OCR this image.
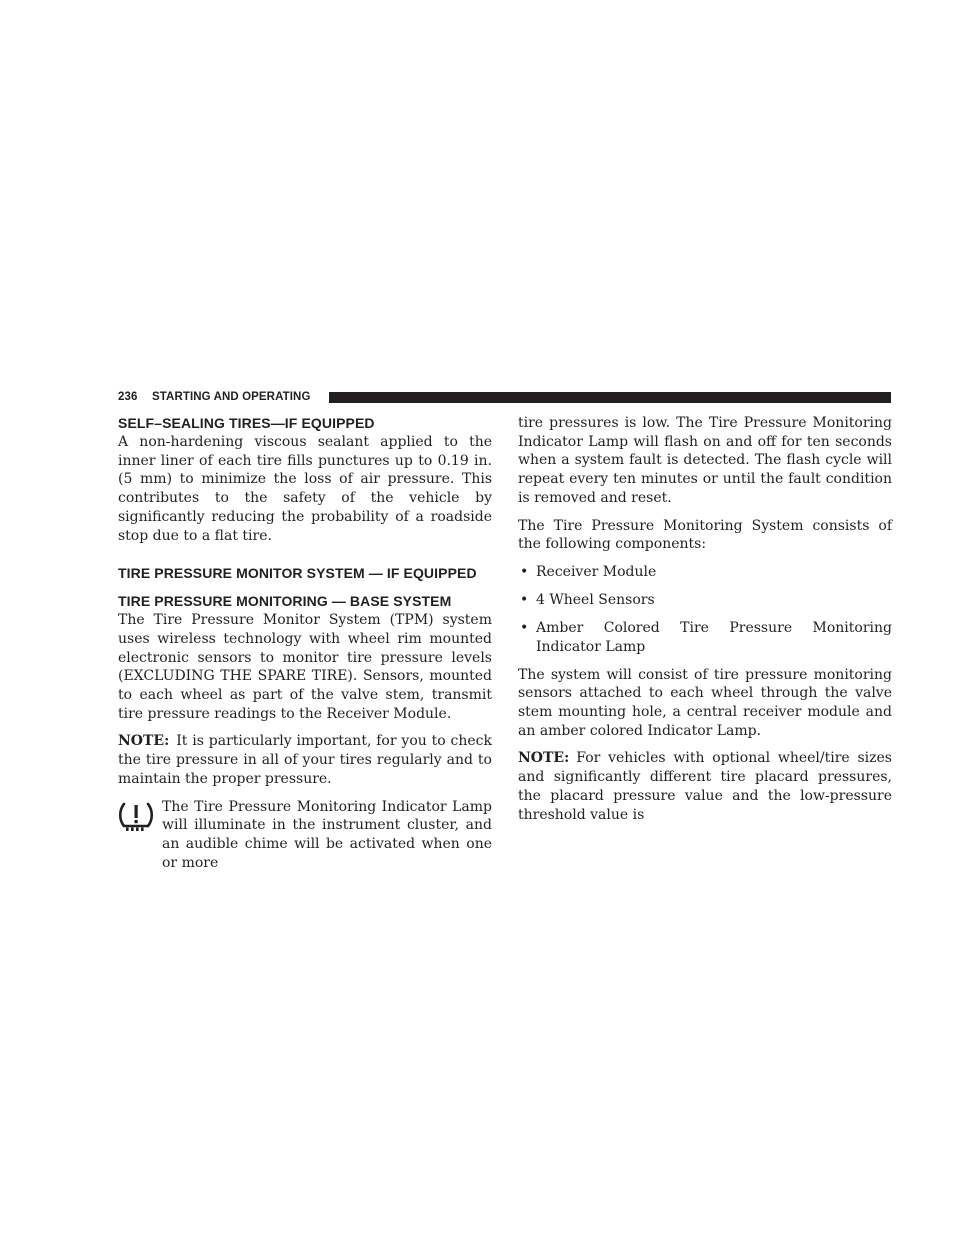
236 STARTING AND OPERATING
SELF–SEALING TIRES—IF EQUIPPED

A non-hardening viscous sealant applied to the inner liner of each tire fills punctures up to 0.19 in. (5 mm) to minimize the loss of air pressure. This contributes to the safety of the vehicle by significantly reducing the probability of a roadside stop due to a flat tire.

TIRE PRESSURE MONITOR SYSTEM — IF EQUIPPED
TIRE PRESSURE MONITORING — BASE SYSTEM

The Tire Pressure Monitor System (TPM) system uses wireless technology with wheel rim mounted electronic sensors to monitor tire pressure levels (EXCLUDING THE SPARE TIRE). Sensors, mounted to each wheel as part of the valve stem, transmit tire pressure readings to the Receiver Module.

NOTE: It is particularly important, for you to check the tire pressure in all of your tires regularly and to maintain the proper pressure.

The Tire Pressure Monitoring Indicator Lamp will illuminate in the instrument cluster, and an audible chime will be activated when one or more

tire pressures is low. The Tire Pressure Monitoring Indicator Lamp will flash on and off for ten seconds when a system fault is detected. The flash cycle will repeat every ten minutes or until the fault condition is removed and reset.

The Tire Pressure Monitoring System consists of the following components:

• Receiver Module
• 4 Wheel Sensors
• Amber Colored Tire Pressure Monitoring Indicator Lamp

The system will consist of tire pressure monitoring sensors attached to each wheel through the valve stem mounting hole, a central receiver module and an amber colored Indicator Lamp.

NOTE: For vehicles with optional wheel/tire sizes and significantly different tire placard pressures, the placard pressure value and the low-pressure threshold value is
